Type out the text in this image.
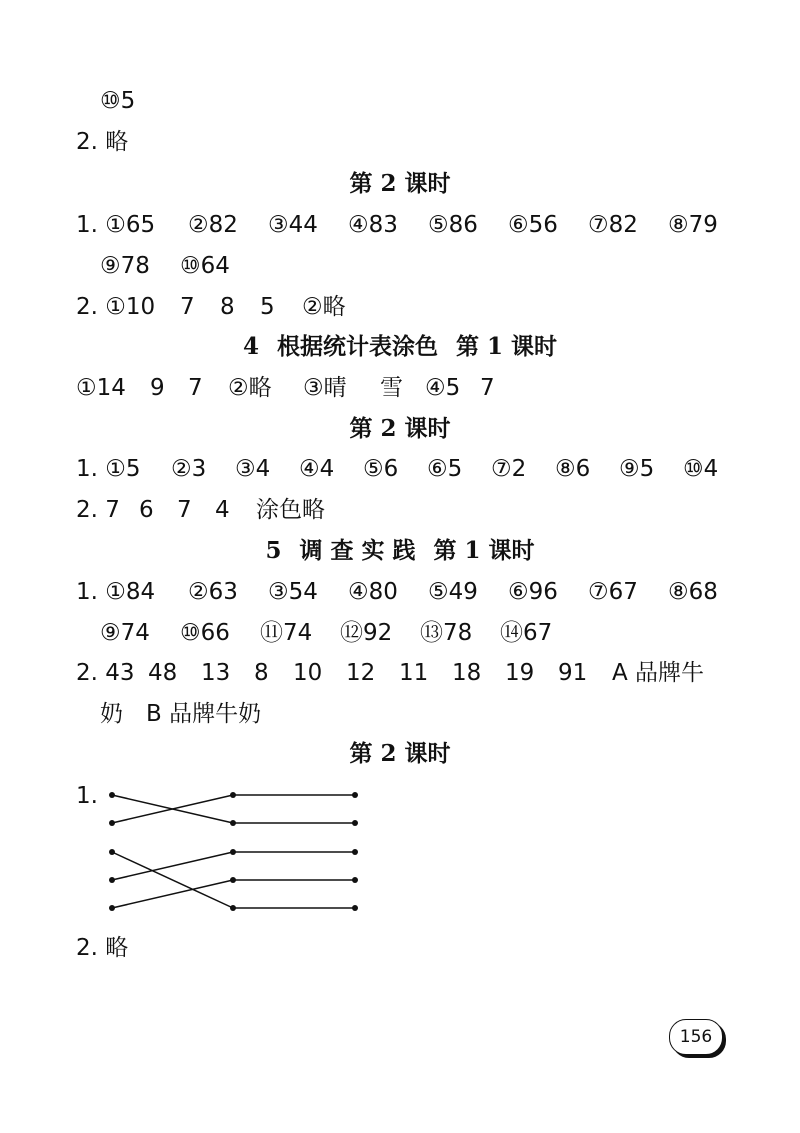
⑩5
2. 略
第 2 课时
1. ①65 ②82 ③44 ④83 ⑤86 ⑥56 ⑦82 ⑧79
⑨78 ⑩64
2. ①10 7 8 5 ②略
4 根据统计表涂色 第 1 课时
①14 9 7 ②略 ③晴 雪 ④5 7
第 2 课时
1. ①5 ②3 ③4 ④4 ⑤6 ⑥5 ⑦2 ⑧6 ⑨5 ⑩4
2. 7 6 7 4 涂色略
5 调 查 实 践 第 1 课时
1. ①84 ②63 ③54 ④80 ⑤49 ⑥96 ⑦67 ⑧68
⑨74 ⑩66 ⑪74 ⑫92 ⑬78 ⑭67
2. 43 48 13 8 10 12 11 18 19 91 A 品牌牛
奶　B 品牌牛奶
第 2 课时
1.
2. 略
156
